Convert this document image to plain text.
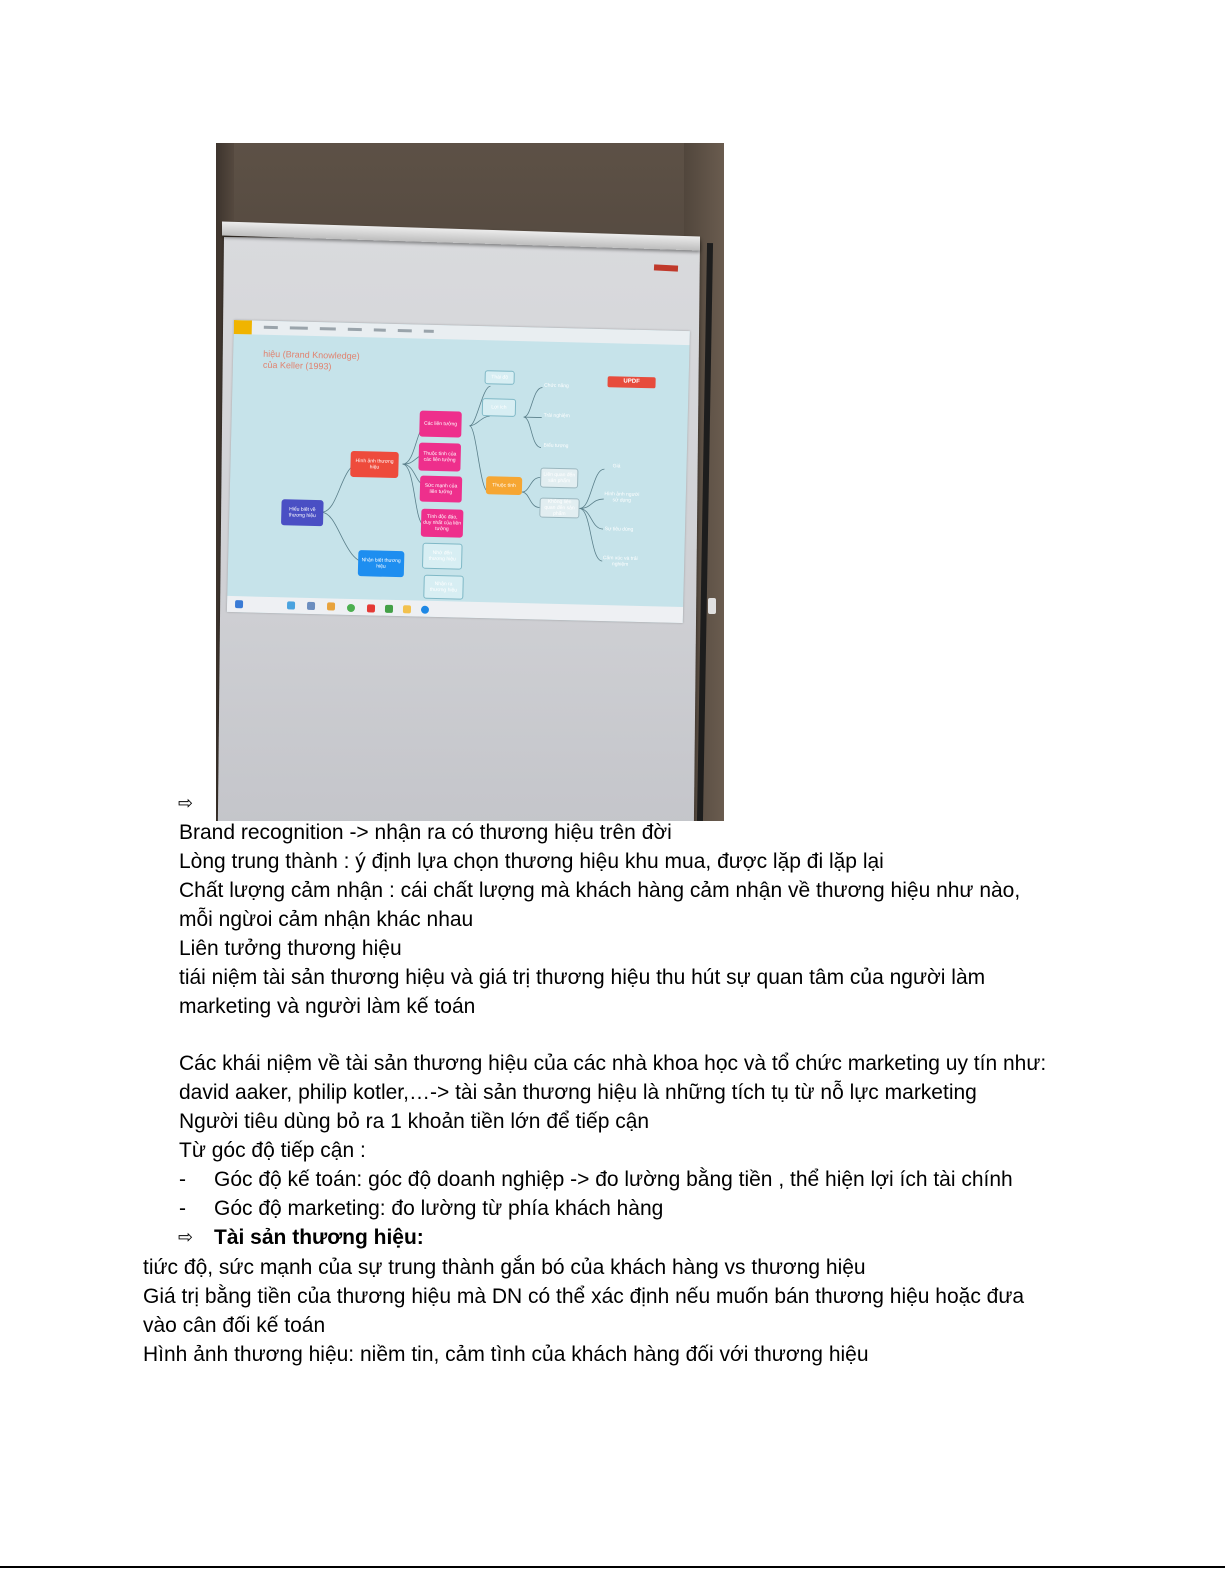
UPDF
hiệu (Brand Knowledge) của Keller (1993)
Hiểu biết về thương hiệu
Hình ảnh thương hiệu
Nhận biết thương hiệu
Các liên tưởng
Thuộc tính của các liên tưởng
Sức mạnh của liên tưởng
Tính độc đáo, duy nhất của liên tưởng
Nhớ đến thương hiệu
Nhận ra thương hiệu
Thái độ
Lợi ích
Thuộc tính
Chức năng
Trải nghiệm
Biểu tượng
Liên quan đến sản phẩm
Không liên quan đến sản phẩm
Giá
Hình ảnh người sử dụng
Sự tiêu dùng
Cảm xúc và trải nghiệm
⇨
Brand recognition -> nhận ra có thương hiệu trên đời
Lòng trung thành : ý định lựa chọn thương hiệu khu mua, được lặp đi lặp lại
Chất lượng cảm nhận : cái chất lượng mà khách hàng cảm nhận về thương hiệu như nào,
mỗi ngừoi cảm nhận khác nhau
Liên tưởng thương hiệu
tiái niệm tài sản thương hiệu và giá trị thương hiệu thu hút sự quan tâm của người làm
marketing và người làm kế toán
Các khái niệm về tài sản thương hiệu của các nhà khoa học và tổ chức marketing uy tín như:
david aaker, philip kotler,…-> tài sản thương hiệu là những tích tụ từ nỗ lực marketing
Người tiêu dùng bỏ ra 1 khoản tiền lớn để tiếp cận
Từ góc độ tiếp cận :
- Góc độ kế toán: góc độ doanh nghiệp -> đo lường bằng tiền , thể hiện lợi ích tài chính
- Góc độ marketing: đo lường từ phía khách hàng
⇨ Tài sản thương hiệu:
tiức độ, sức mạnh của sự trung thành gắn bó của khách hàng vs thương hiệu
Giá trị bằng tiền của thương hiệu mà DN có thể xác định nếu muốn bán thương hiệu hoặc đưa
vào cân đối kế toán
Hình ảnh thương hiệu: niềm tin, cảm tình của khách hàng đối với thương hiệu
